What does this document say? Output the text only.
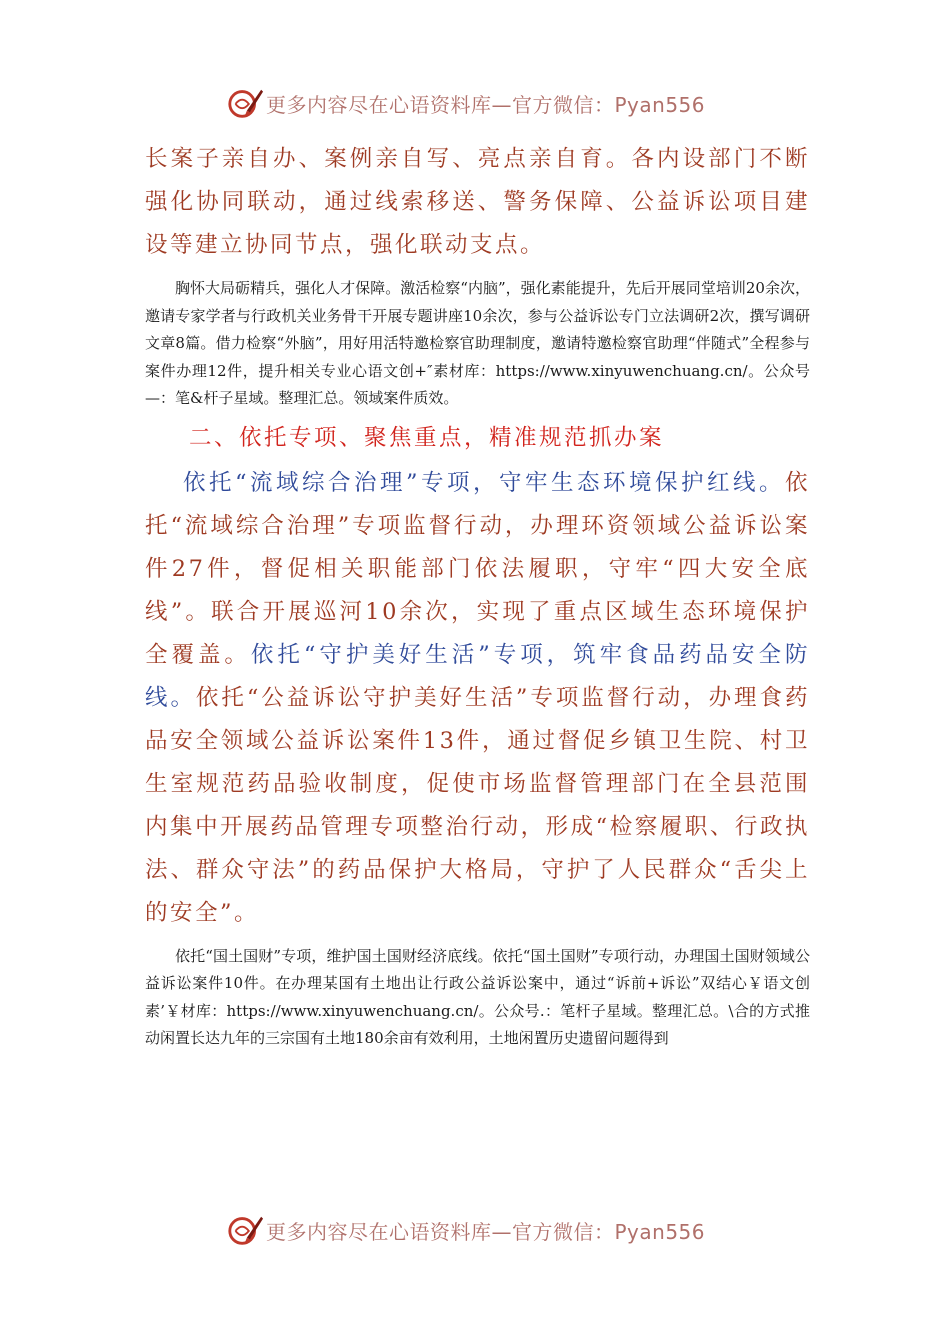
更多内容尽在心语资料库—官方微信：Pyan556

长案子亲自办、案例亲自写、亮点亲自育。各内设部门不断强化协同联动，通过线索移送、警务保障、公益诉讼项目建设等建立协同节点，强化联动支点。

胸怀大局砺精兵，强化人才保障。激活检察“内脑”，强化素能提升，先后开展同堂培训20余次，邀请专家学者与行政机关业务骨干开展专题讲座10余次，参与公益诉讼专门立法调研2次，撰写调研文章8篇。借力检察“外脑”，用好用活特邀检察官助理制度，邀请特邀检察官助理“伴随式”全程参与案件办理12件，提升相关专业心语文创+″素材库：https://www.xinyuwenchuang.cn/。公众号—：笔&杆子星域。整理汇总。领域案件质效。

二、依托专项、聚焦重点，精准规范抓办案

依托“流域综合治理”专项，守牢生态环境保护红线。依托“流域综合治理”专项监督行动，办理环资领域公益诉讼案件27件，督促相关职能部门依法履职，守牢“四大安全底线”。联合开展巡河10余次，实现了重点区域生态环境保护全覆盖。依托“守护美好生活”专项，筑牢食品药品安全防线。依托“公益诉讼守护美好生活”专项监督行动，办理食药品安全领域公益诉讼案件13件，通过督促乡镇卫生院、村卫生室规范药品验收制度，促使市场监督管理部门在全县范围内集中开展药品管理专项整治行动，形成“检察履职、行政执法、群众守法”的药品保护大格局，守护了人民群众“舌尖上的安全”。

依托“国土国财”专项，维护国土国财经济底线。依托“国土国财”专项行动，办理国土国财领域公益诉讼案件10件。在办理某国有土地出让行政公益诉讼案中，通过“诉前+诉讼”双结心￥语文创素’￥材库：https://www.xinyuwenchuang.cn/。公众号.：笔杆子星域。整理汇总。\合的方式推动闲置长达九年的三宗国有土地180余亩有效利用，土地闲置历史遗留问题得到

更多内容尽在心语资料库—官方微信：Pyan556
